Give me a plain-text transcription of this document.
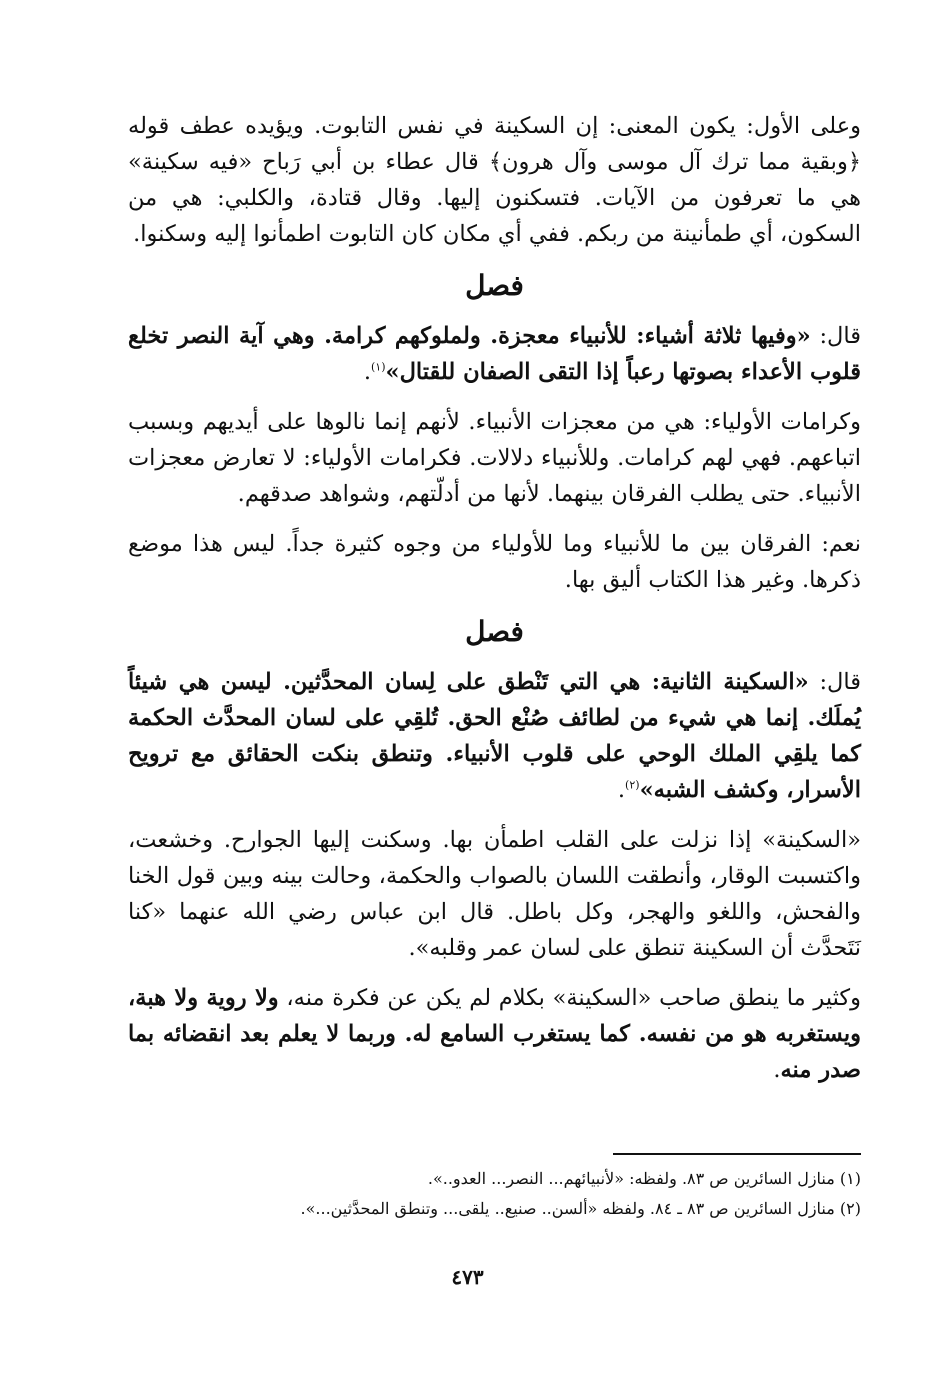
وعلى الأول: يكون المعنى: إن السكينة في نفس التابوت. ويؤيده عطف قوله ﴿وبقية مما ترك آل موسى وآل هرون﴾ قال عطاء بن أبي رَباح «فيه سكينة» هي ما تعرفون من الآيات. فتسكنون إليها. وقال قتادة، والكلبي: هي من السكون، أي طمأنينة من ربكم. ففي أي مكان كان التابوت اطمأنوا إليه وسكنوا.

فصل

قال: «وفيها ثلاثة أشياء: للأنبياء معجزة. ولملوكهم كرامة. وهي آية النصر تخلع قلوب الأعداء بصوتها رعباً إذا التقى الصفان للقتال»$^{(١)}$.

وكرامات الأولياء: هي من معجزات الأنبياء. لأنهم إنما نالوها على أيديهم وبسبب اتباعهم. فهي لهم كرامات. وللأنبياء دلالات. فكرامات الأولياء: لا تعارض معجزات الأنبياء. حتى يطلب الفرقان بينهما. لأنها من أدلّتهم، وشواهد صدقهم.

نعم: الفرقان بين ما للأنبياء وما للأولياء من وجوه كثيرة جداً. ليس هذا موضع ذكرها. وغير هذا الكتاب أليق بها.

فصل

قال: «السكينة الثانية: هي التي تَنْطق على لِسان المحدَّثين. ليسن هي شيئاً يُملَك. إنما هي شيء من لطائف صُنْع الحق. تُلقِي على لسان المحدَّث الحكمة كما يلقِي الملك الوحي على قلوب الأنبياء. وتنطق بنكت الحقائق مع ترويح الأسرار، وكشف الشبه»$^{(٢)}$.

«السكينة» إذا نزلت على القلب اطمأن بها. وسكنت إليها الجوارح. وخشعت، واكتسبت الوقار، وأنطقت اللسان بالصواب والحكمة، وحالت بينه وبين قول الخنا والفحش، واللغو والهجر، وكل باطل. قال ابن عباس رضي الله عنهما «كنا نَتَحدَّث أن السكينة تنطق على لسان عمر وقلبه».

وكثير ما ينطق صاحب «السكينة» بكلام لم يكن عن فكرة منه، ولا روية ولا هبة، ويستغربه هو من نفسه. كما يستغرب السامع له. وربما لا يعلم بعد انقضائه بما صدر منه.

(١) منازل السائرين ص ٨٣. ولفظه: «لأنبيائهم... النصر... العدو..».
(٢) منازل السائرين ص ٨٣ ـ ٨٤. ولفظه «ألسن.. صنيع.. يلقى... وتنطق المحدَّثين...».
٤٧٣
